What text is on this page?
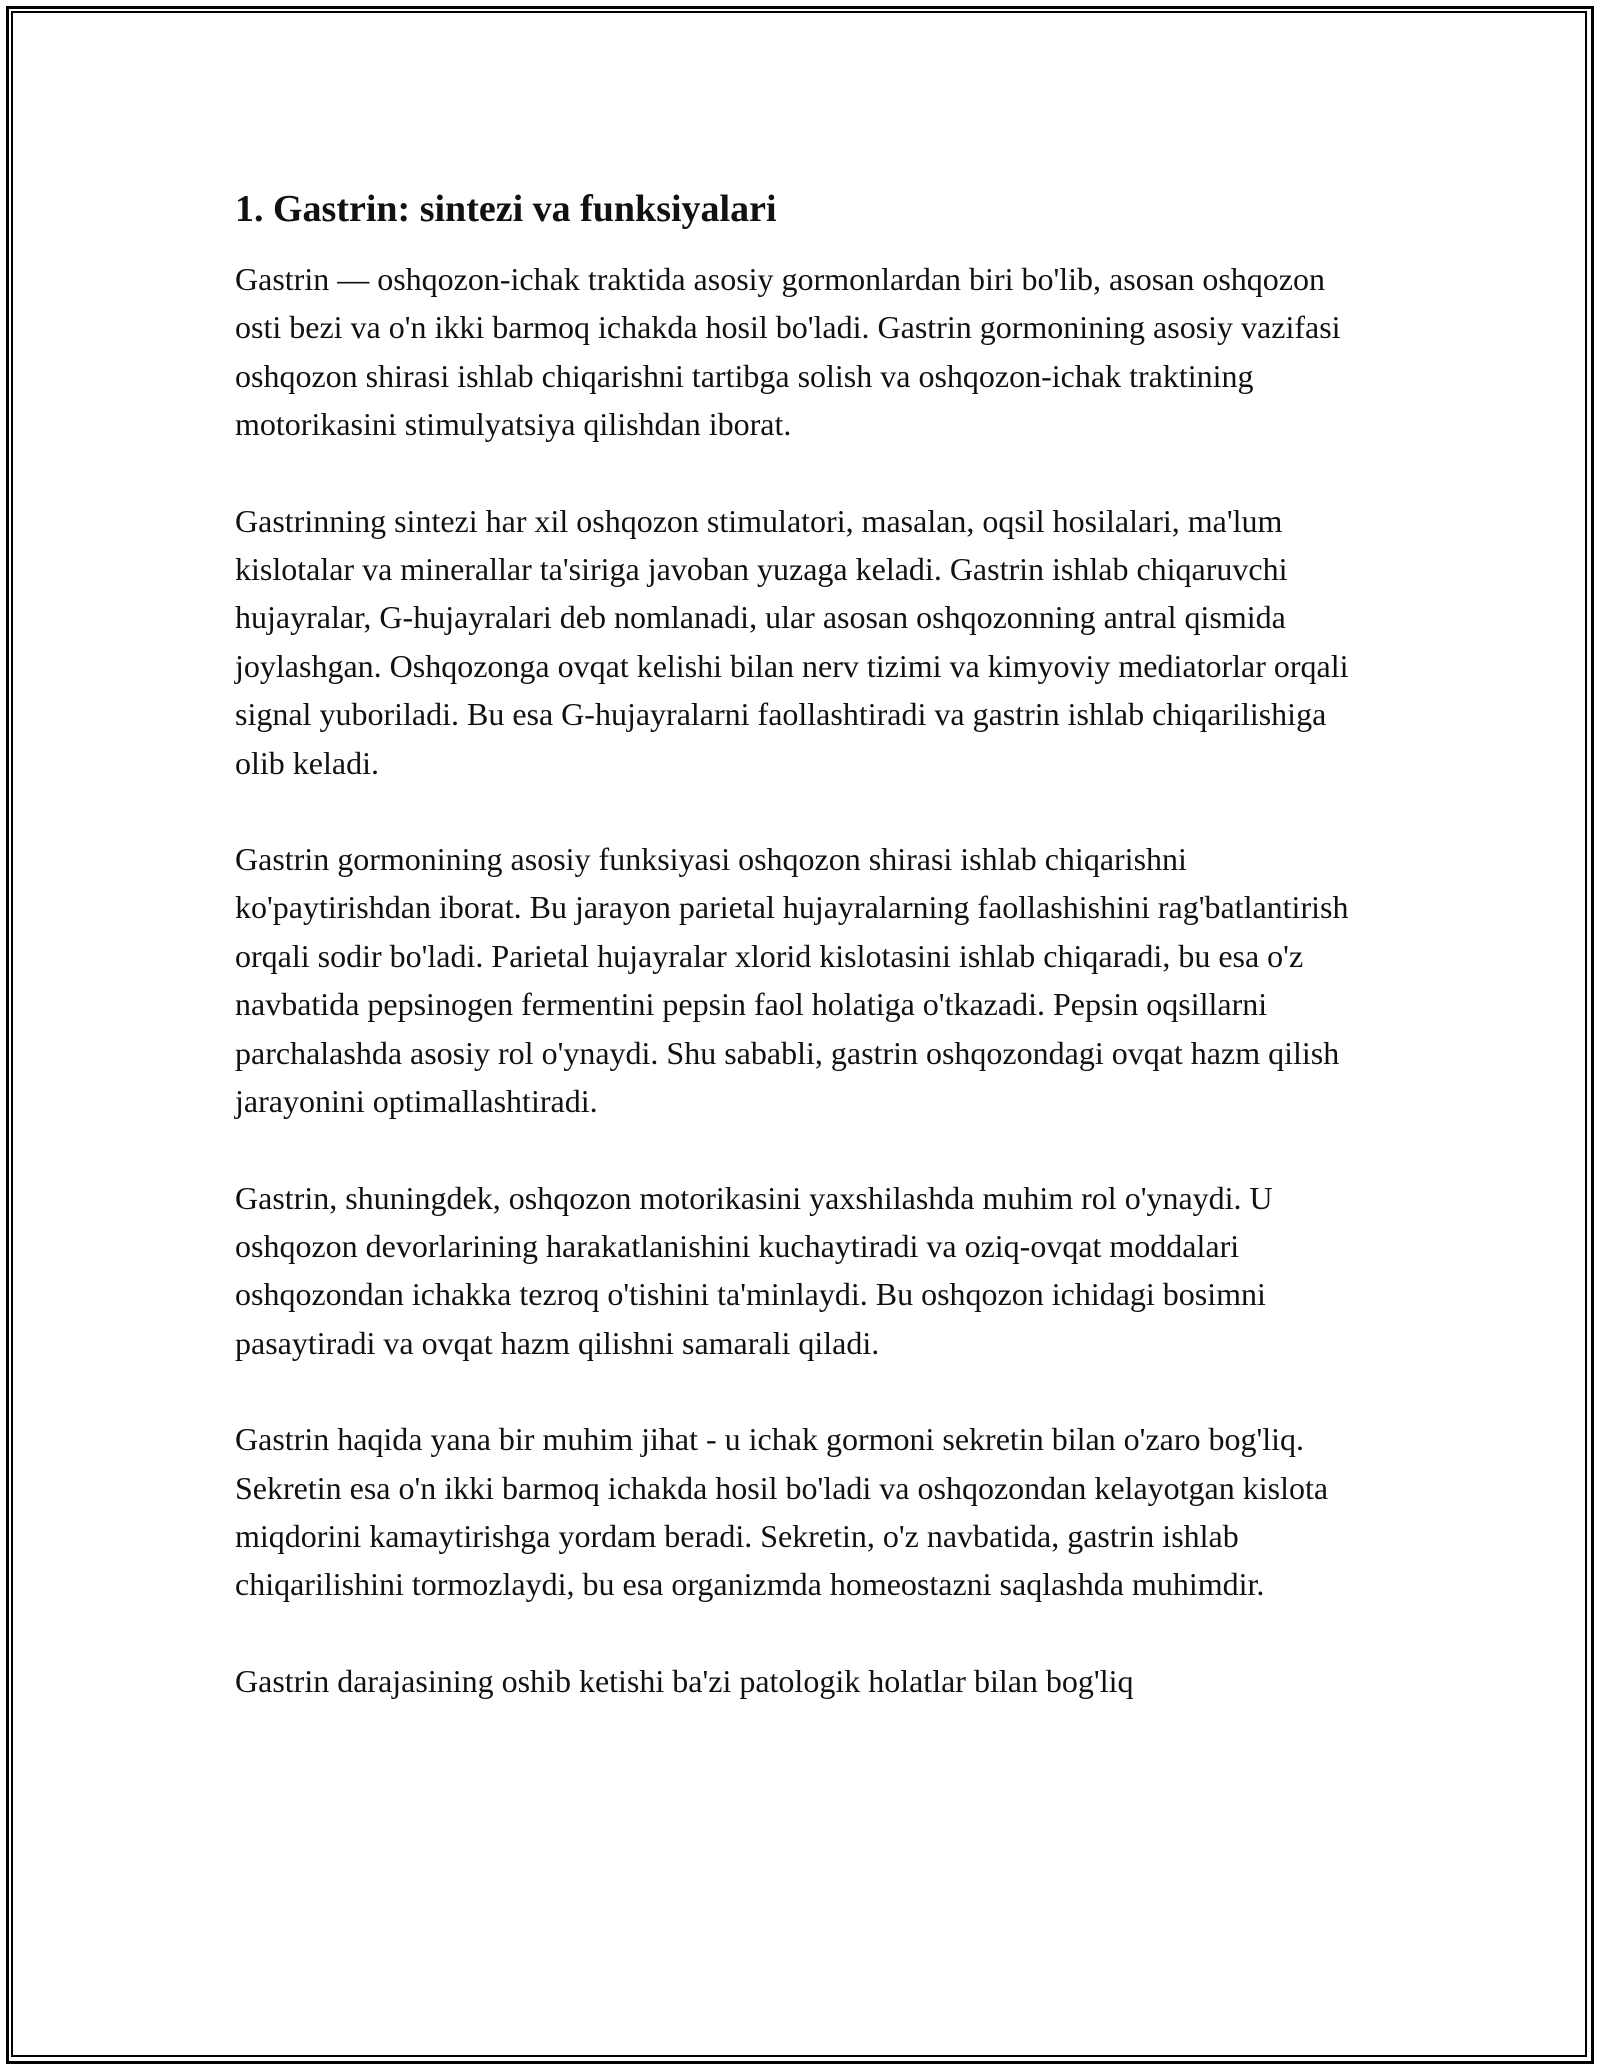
1. Gastrin: sintezi va funksiyalari

Gastrin — oshqozon-ichak traktida asosiy gormonlardan biri bo'lib, asosan oshqozon osti bezi va o'n ikki barmoq ichakda hosil bo'ladi. Gastrin gormonining asosiy vazifasi oshqozon shirasi ishlab chiqarishni tartibga solish va oshqozon-ichak traktining motorikasini stimulyatsiya qilishdan iborat.

Gastrinning sintezi har xil oshqozon stimulatori, masalan, oqsil hosilalari, ma'lum kislotalar va minerallar ta'siriga javoban yuzaga keladi. Gastrin ishlab chiqaruvchi hujayralar, G-hujayralari deb nomlanadi, ular asosan oshqozonning antral qismida joylashgan. Oshqozonga ovqat kelishi bilan nerv tizimi va kimyoviy mediatorlar orqali signal yuboriladi. Bu esa G-hujayralarni faollashtiradi va gastrin ishlab chiqarilishiga olib keladi.

Gastrin gormonining asosiy funksiyasi oshqozon shirasi ishlab chiqarishni ko'paytirishdan iborat. Bu jarayon parietal hujayralarning faollashishini rag'batlantirish orqali sodir bo'ladi. Parietal hujayralar xlorid kislotasini ishlab chiqaradi, bu esa o'z navbatida pepsinogen fermentini pepsin faol holatiga o'tkazadi. Pepsin oqsillarni parchalashda asosiy rol o'ynaydi. Shu sababli, gastrin oshqozondagi ovqat hazm qilish jarayonini optimallashtiradi.

Gastrin, shuningdek, oshqozon motorikasini yaxshilashda muhim rol o'ynaydi. U oshqozon devorlarining harakatlanishini kuchaytiradi va oziq-ovqat moddalari oshqozondan ichakka tezroq o'tishini ta'minlaydi. Bu oshqozon ichidagi bosimni pasaytiradi va ovqat hazm qilishni samarali qiladi.

Gastrin haqida yana bir muhim jihat - u ichak gormoni sekretin bilan o'zaro bog'liq. Sekretin esa o'n ikki barmoq ichakda hosil bo'ladi va oshqozondan kelayotgan kislota miqdorini kamaytirishga yordam beradi. Sekretin, o'z navbatida, gastrin ishlab chiqarilishini tormozlaydi, bu esa organizmda homeostazni saqlashda muhimdir.

Gastrin darajasining oshib ketishi ba'zi patologik holatlar bilan bog'liq
